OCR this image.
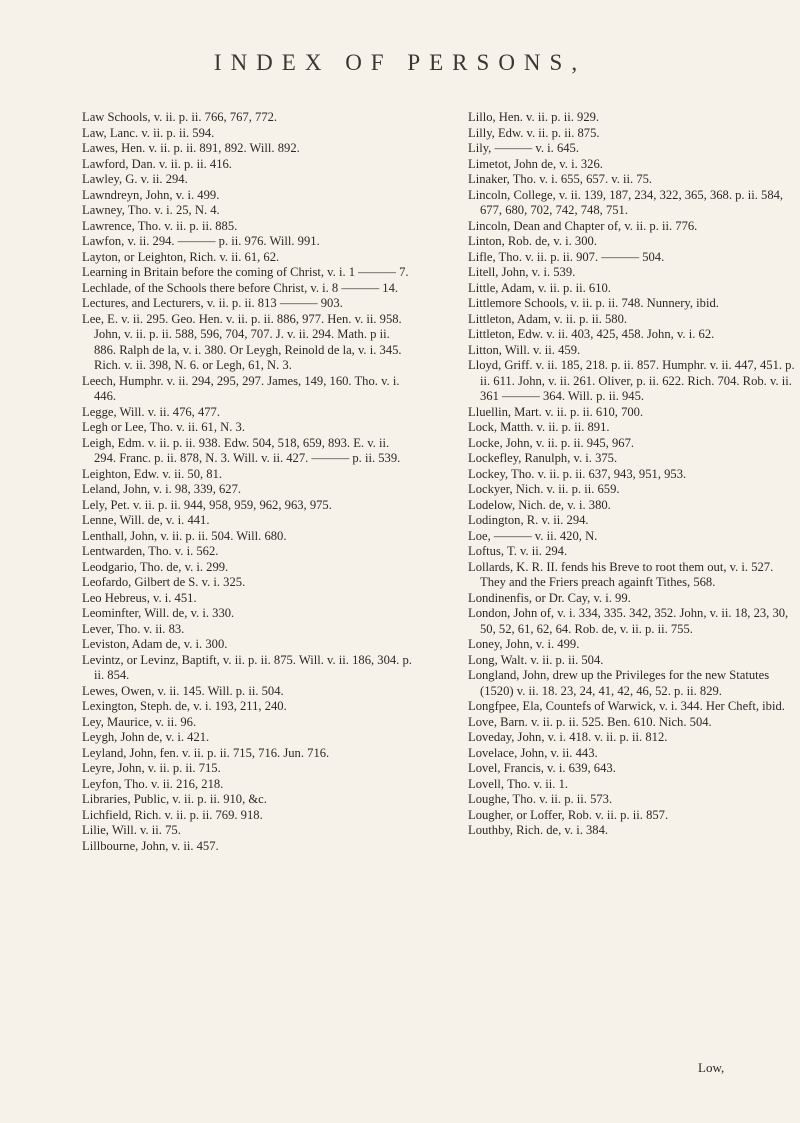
INDEX OF PERSONS,

Law Schools, v. ii. p. ii. 766, 767, 772.

Law, Lanc. v. ii. p. ii. 594.

Lawes, Hen. v. ii. p. ii. 891, 892. Will. 892.

Lawford, Dan. v. ii. p. ii. 416.

Lawley, G. v. ii. 294.

Lawndreyn, John, v. i. 499.

Lawney, Tho. v. i. 25, N. 4.

Lawrence, Tho. v. ii. p. ii. 885.

Lawfon, v. ii. 294. ——— p. ii. 976. Will. 991.

Layton, or Leighton, Rich. v. ii. 61, 62.

Learning in Britain before the coming of Christ, v. i. 1 ——— 7.

Lechlade, of the Schools there before Christ, v. i. 8 ——— 14.

Lectures, and Lecturers, v. ii. p. ii. 813 ——— 903.

Lee, E. v. ii. 295. Geo. Hen. v. ii. p. ii. 886, 977. Hen. v. ii. 958. John, v. ii. p. ii. 588, 596, 704, 707. J. v. ii. 294. Math. p ii. 886. Ralph de la, v. i. 380. Or Leygh, Reinold de la, v. i. 345. Rich. v. ii. 398, N. 6. or Legh, 61, N. 3.

Leech, Humphr. v. ii. 294, 295, 297. James, 149, 160. Tho. v. i. 446.

Legge, Will. v. ii. 476, 477.

Legh or Lee, Tho. v. ii. 61, N. 3.

Leigh, Edm. v. ii. p. ii. 938. Edw. 504, 518, 659, 893. E. v. ii. 294. Franc. p. ii. 878, N. 3. Will. v. ii. 427. ——— p. ii. 539.

Leighton, Edw. v. ii. 50, 81.

Leland, John, v. i. 98, 339, 627.

Lely, Pet. v. ii. p. ii. 944, 958, 959, 962, 963, 975.

Lenne, Will. de, v. i. 441.

Lenthall, John, v. ii. p. ii. 504. Will. 680.

Lentwarden, Tho. v. i. 562.

Leodgario, Tho. de, v. i. 299.

Leofardo, Gilbert de S. v. i. 325.

Leo Hebreus, v. i. 451.

Leominfter, Will. de, v. i. 330.

Lever, Tho. v. ii. 83.

Leviston, Adam de, v. i. 300.

Levintz, or Levinz, Baptift, v. ii. p. ii. 875. Will. v. ii. 186, 304. p. ii. 854.

Lewes, Owen, v. ii. 145. Will. p. ii. 504.

Lexington, Steph. de, v. i. 193, 211, 240.

Ley, Maurice, v. ii. 96.

Leygh, John de, v. i. 421.

Leyland, John, fen. v. ii. p. ii. 715, 716. Jun. 716.

Leyre, John, v. ii. p. ii. 715.

Leyfon, Tho. v. ii. 216, 218.

Libraries, Public, v. ii. p. ii. 910, &c.

Lichfield, Rich. v. ii. p. ii. 769. 918.

Lilie, Will. v. ii. 75.

Lillbourne, John, v. ii. 457.

Lillo, Hen. v. ii. p. ii. 929.

Lilly, Edw. v. ii. p. ii. 875.

Lily, ——— v. i. 645.

Limetot, John de, v. i. 326.

Linaker, Tho. v. i. 655, 657. v. ii. 75.

Lincoln, College, v. ii. 139, 187, 234, 322, 365, 368. p. ii. 584, 677, 680, 702, 742, 748, 751.

Lincoln, Dean and Chapter of, v. ii. p. ii. 776.

Linton, Rob. de, v. i. 300.

Lifle, Tho. v. ii. p. ii. 907. ——— 504.

Litell, John, v. i. 539.

Little, Adam, v. ii. p. ii. 610.

Littlemore Schools, v. ii. p. ii. 748. Nunnery, ibid.

Littleton, Adam, v. ii. p. ii. 580.

Littleton, Edw. v. ii. 403, 425, 458. John, v. i. 62.

Litton, Will. v. ii. 459.

Lloyd, Griff. v. ii. 185, 218. p. ii. 857. Humphr. v. ii. 447, 451. p. ii. 611. John, v. ii. 261. Oliver, p. ii. 622. Rich. 704. Rob. v. ii. 361 ——— 364. Will. p. ii. 945.

Lluellin, Mart. v. ii. p. ii. 610, 700.

Lock, Matth. v. ii. p. ii. 891.

Locke, John, v. ii. p. ii. 945, 967.

Lockefley, Ranulph, v. i. 375.

Lockey, Tho. v. ii. p. ii. 637, 943, 951, 953.

Lockyer, Nich. v. ii. p. ii. 659.

Lodelow, Nich. de, v. i. 380.

Lodington, R. v. ii. 294.

Loe, ——— v. ii. 420, N.

Loftus, T. v. ii. 294.

Lollards, K. R. II. fends his Breve to root them out, v. i. 527. They and the Friers preach againft Tithes, 568.

Londinenfis, or Dr. Cay, v. i. 99.

London, John of, v. i. 334, 335. 342, 352. John, v. ii. 18, 23, 30, 50, 52, 61, 62, 64. Rob. de, v. ii. p. ii. 755.

Loney, John, v. i. 499.

Long, Walt. v. ii. p. ii. 504.

Longland, John, drew up the Privileges for the new Statutes (1520) v. ii. 18. 23, 24, 41, 42, 46, 52. p. ii. 829.

Longfpee, Ela, Countefs of Warwick, v. i. 344. Her Cheft, ibid.

Love, Barn. v. ii. p. ii. 525. Ben. 610. Nich. 504.

Loveday, John, v. i. 418. v. ii. p. ii. 812.

Lovelace, John, v. ii. 443.

Lovel, Francis, v. i. 639, 643.

Lovell, Tho. v. ii. 1.

Loughe, Tho. v. ii. p. ii. 573.

Lougher, or Loffer, Rob. v. ii. p. ii. 857.

Louthby, Rich. de, v. i. 384.

Low,
